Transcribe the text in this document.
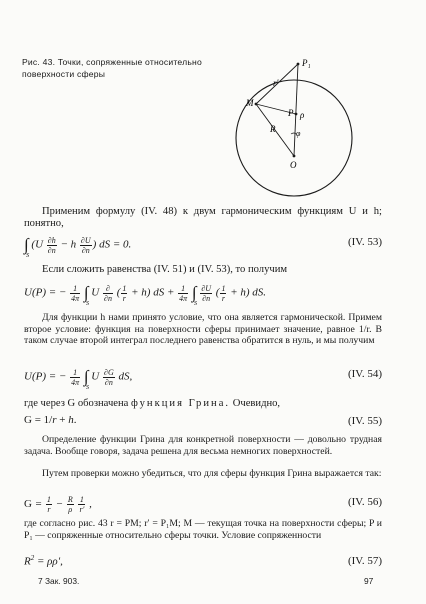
Рис. 43. Точки, сопряженные относительно поверхности сферы
P₁
r′
M
R
ρ
P
φ
O
Применим формулу (IV. 48) к двум гармоническим функциям U и h; понятно,
∫
S
($U \frac{\partial h}{\partial n} - h \frac{\partial U}{\partial n}$ ) dS = 0.	(IV. 53)
Если сложить равенства (IV. 51) и (IV. 53), то получим
U(P) = − $\frac{1}{4\pi}$ ∫
S
U $\frac{\partial}{\partial n}$ ( $\frac{1}{r} + h$) dS + $\frac{1}{4\pi}$ ∫
S

$\frac{\partial U}{\partial n}$ ( $\frac{1}{r} + h$) dS.
Для функции h нами принято условие, что она является гармонической. Примем второе условие: функция на поверхности сферы принимает значение, равное 1/r. В таком случае второй интеграл последнего равенства обратится в нуль, и мы получим
U(P) = − $\frac{1}{4\pi}$ ∫
S
U $\frac{\partial G}{\partial n}$ dS,	(IV. 54)
где через G обозначена функция Грина. Очевидно,
G = 1/r + h.	(IV. 55)
Определение функции Грина для конкретной поверхности — довольно трудная задача. Вообще говоря, задача решена для весьма немногих поверхностей.
Путем проверки можно убедиться, что для сферы функция Грина выражается так:
$G = \frac{1}{r} - \frac{R}{\rho}$
$\frac{1}{r'}$ ,	(IV. 56)
где согласно рис. 43 r = PM; r′ = P₁M; M — текущая точка на поверхности сферы; P и P₁ — сопряженные относительно сферы точки. Условие сопряженности
$R^2 = \rho\rho'$,	(IV. 57)
7 Зак. 903.	97
